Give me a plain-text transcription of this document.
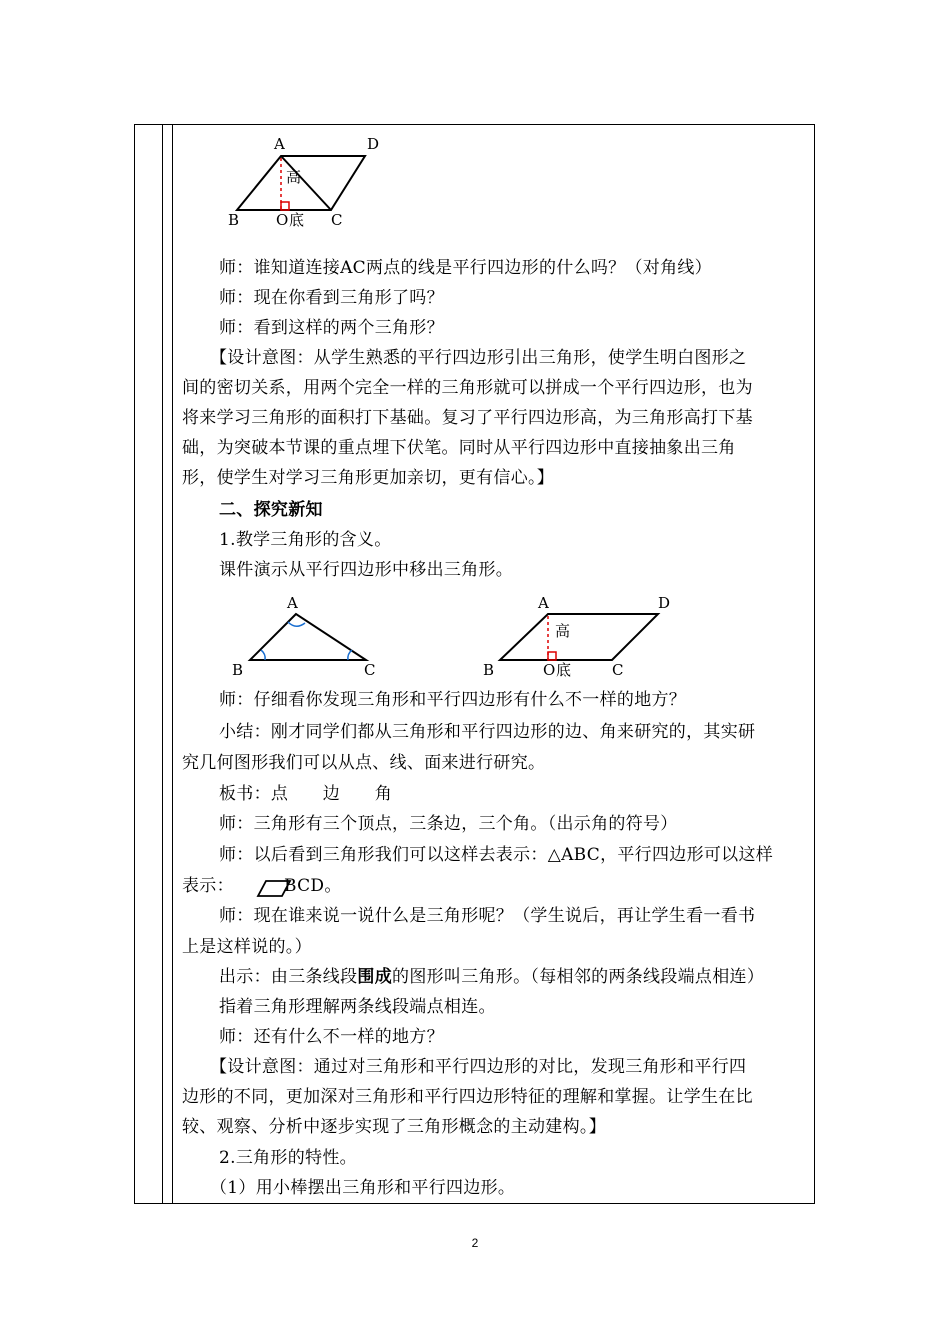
A	D
B O 底 C
高
师：谁知道连接AC两点的线是平行四边形的什么吗？（对角线）
师：现在你看到三角形了吗？
师：看到这样的两个三角形？
【设计意图：从学生熟悉的平行四边形引出三角形，使学生明白图形之
间的密切关系，用两个完全一样的三角形就可以拼成一个平行四边形，也为
将来学习三角形的面积打下基础。复习了平行四边形高，为三角形高打下基
础，为突破本节课的重点埋下伏笔。同时从平行四边形中直接抽象出三角
形，使学生对学习三角形更加亲切，更有信心。】
二、探究新知
1.教学三角形的含义。
课件演示从平行四边形中移出三角形。
A
B	C
A	D
B	O 底	C
高
师：仔细看你发现三角形和平行四边形有什么不一样的地方？
小结：刚才同学们都从三角形和平行四边形的边、角来研究的，其实研
究几何图形我们可以从点、线、面来进行研究。
板书：点　　边　　角
师：三角形有三个顶点，三条边，三个角。（出示角的符号）
师：以后看到三角形我们可以这样去表示：△ABC，平行四边形可以这样
表示：	BCD。
师：现在谁来说一说什么是三角形呢？（学生说后，再让学生看一看书
上是这样说的。）
出示：由三条线段围成的图形叫三角形。（每相邻的两条线段端点相连）
指着三角形理解两条线段端点相连。
师：还有什么不一样的地方？
【设计意图：通过对三角形和平行四边形的对比，发现三角形和平行四
边形的不同，更加深对三角形和平行四边形特征的理解和掌握。让学生在比
较、观察、分析中逐步实现了三角形概念的主动建构。】
2.三角形的特性。
（1）用小棒摆出三角形和平行四边形。
2
